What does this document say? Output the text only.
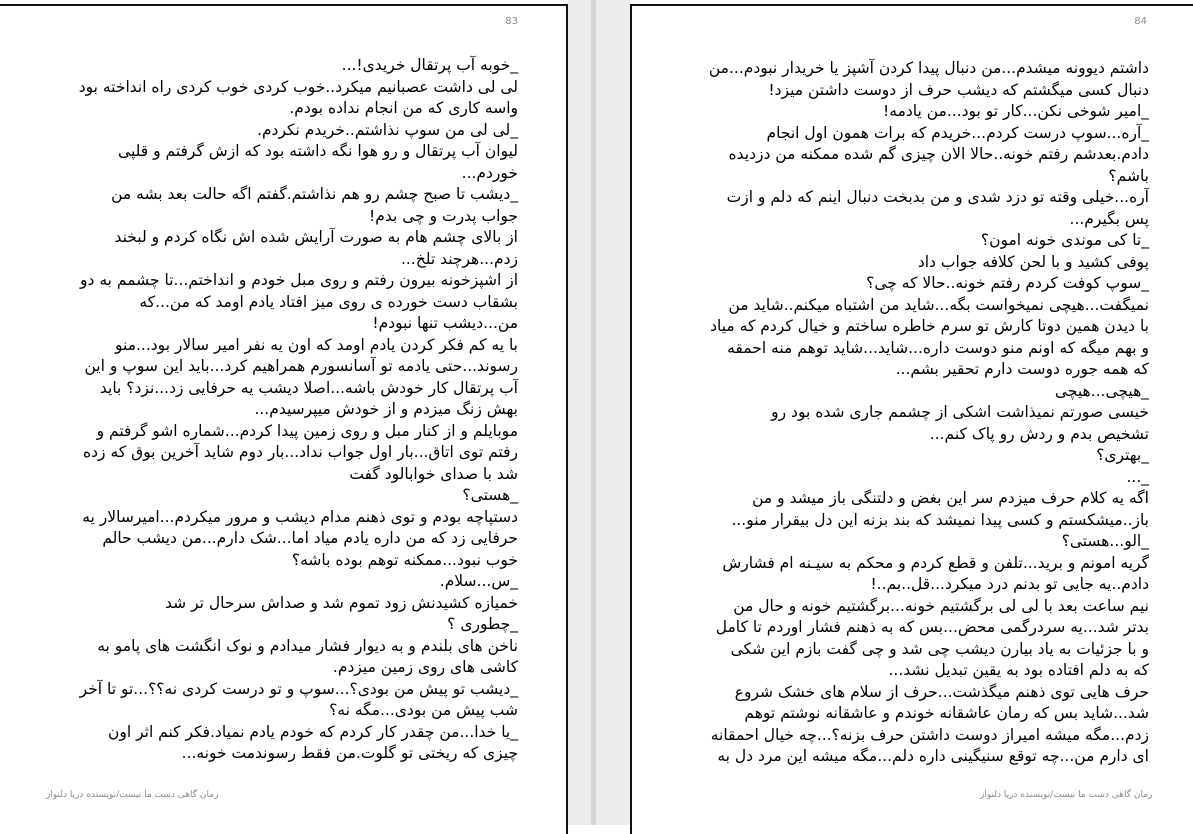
83
_خوبه آب پرتقال خریدی!...
لی لی داشت عصبانیم میکرد..خوب کردی خوب کردی راه انداخته بود
واسه کاری که من انجام نداده بودم.
_لی لی من سوپ نذاشتم..خریدم نکردم.
لیوان آب پرتقال و رو هوا نگه داشته بود که ازش گرفتم و قلپی
خوردم...
_دیشب تا صبح چشم رو هم نذاشتم.گفتم اگه حالت بعد بشه من
جواب پدرت و چی بدم!
از بالای چشم هام به صورت آرایش شده اش نگاه کردم و لبخند
زدم...هرچند تلخ...
از اشپزخونه بیرون رفتم و روی مبل خودم و انداختم...تا چشمم به دو
بشقاب دست خورده ی روی میز افتاد یادم اومد که من...که
من...دیشب تنها نبودم!
با یه کم فکر کردن یادم اومد که اون یه نفر امیر سالار بود...منو
رسوند...حتی یادمه تو آسانسورم همراهیم کرد...باید این سوپ و این
آب پرتقال کار خودش باشه...اصلا دیشب یه حرفایی زد...نزد؟ باید
بهش زنگ میزدم و از خودش میپرسیدم...
موبایلم و از کنار مبل و روی زمین پیدا کردم...شماره اشو گرفتم و
رفتم توی اتاق...بار اول جواب نداد...بار دوم شاید آخرین بوق که زده
شد با صدای خوابالود گفت
_هستی؟
دستپاچه بودم و توی ذهنم مدام دیشب و مرور میکردم...امیرسالار یه
حرفایی زد که من داره یادم میاد اما...شک دارم...من دیشب حالم
خوب نبود...ممکنه توهم بوده باشه؟
_س...سلام.
خمیازه کشیدنش زود تموم شد و صداش سرحال تر شد
_چطوری ؟
ناخن های بلندم و به دیوار فشار میدادم و نوک انگشت های پامو به
کاشی های روی زمین میزدم.
_دیشب تو پیش من بودی؟...سوپ و تو درست کردی نه؟؟...تو تا آخر
شب پیش من بودی...مگه نه؟
_یا خدا...من چقدر کار کردم که خودم یادم نمیاد.فکر کنم اثر اون
چیزی که ریختی تو گلوت.من فقط رسوندمت خونه...
رمان گاهی دست ما نیست/نویسنده دریا دلنواز
84
داشتم دیوونه میشدم...من دنبال پیدا کردن آشپز یا خریدار نبودم...من
دنبال کسی میگشتم که دیشب حرف از دوست داشتن میزد!
_امیر شوخی نکن...کار تو بود...من یادمه!
_آره...سوپ درست کردم...خریدم که برات همون اول انجام
دادم.بعدشم رفتم خونه..حالا الان چیزی گم شده ممکنه من دزدیده
باشم؟
آره...خیلی وقته تو دزد شدی و من بدبخت دنبال اینم که دلم و ازت
پس بگیرم...
_تا کی موندی خونه امون؟
پوفی کشید و با لحن کلافه جواب داد
_سوپ کوفت کردم رفتم خونه..حالا که چی؟
نمیگفت...هیچی نمیخواست بگه...شاید من اشتباه میکنم..شاید من
با دیدن همین دوتا کارش تو سرم خاطره ساختم و خیال کردم که میاد
و بهم میگه که اونم منو دوست داره...شاید...شاید توهم منه احمقه
که همه جوره دوست دارم تحقیر بشم...
_هیچی...هیچی
خیسی صورتم نمیذاشت اشکی از چشمم جاری شده بود رو
تشخیص بدم و ردش رو پاک کنم...
_بهتری؟
_...
اگه یه کلام حرف میزدم سر این بغض و دلتنگی باز میشد و من
باز..میشکستم و کسی پیدا نمیشد که بند بزنه این دل بیقرار منو...
_الو...هستی؟
گریه امونم و برید...تلفن و قطع کردم و محکم به سیـنه ام فشارش
دادم..یه جایی تو بدنم درد میکرد...قل..بم..!
نیم ساعت بعد با لی لی برگشتیم خونه...برگشتیم خونه و حال من
بدتر شد...یه سردرگمی محض...بس که به ذهنم فشار اوردم تا کامل
و با جزئیات به یاد بیارن دیشب چی شد و چی گفت بازم این شکی
که به دلم افتاده بود به یقین تبدیل نشد...
حرف هایی توی ذهنم میگذشت...حرف از سلام های خشک شروع
شد...شاید بس که رمان عاشقانه خوندم و عاشقانه نوشتم توهم
زدم...مگه میشه امیراز دوست داشتن حرف بزنه؟...چه خیال احمقانه
ای دارم من...چه توقع سنیگینی داره دلم...مگه میشه این مرد دل به
رمان گاهی دست ما نیست/نویسنده دریا دلنواز
